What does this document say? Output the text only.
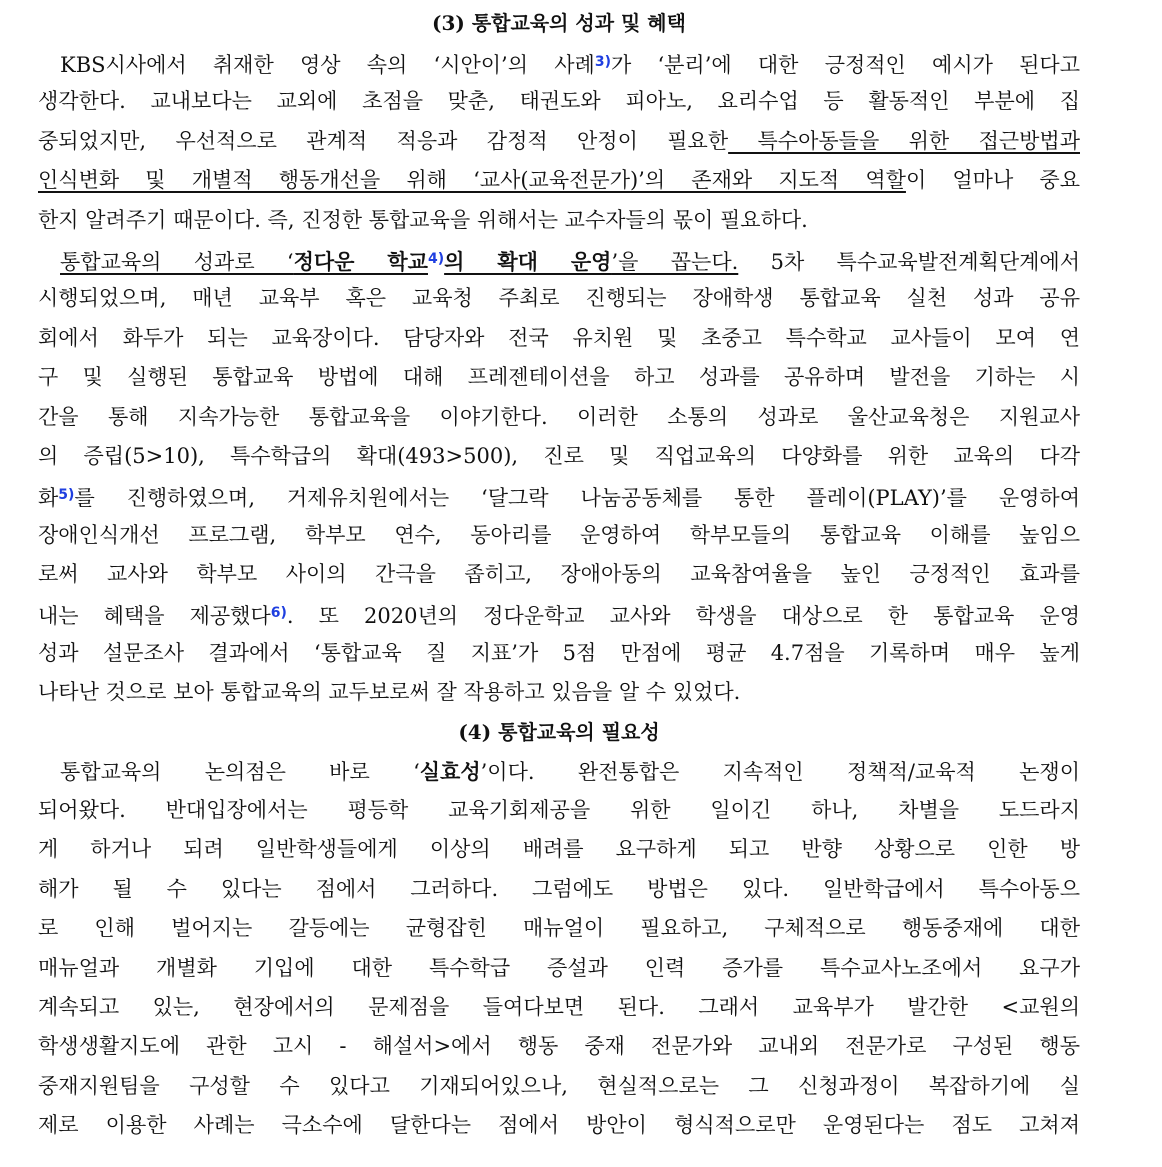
(3) 통합교육의 성과 및 혜택
KBS시사에서 취재한 영상 속의 ‘시안이’의 사례$^{3)}$가 ‘분리’에 대한 긍정적인 예시가 된다고
생각한다. 교내보다는 교외에 초점을 맞춘, 태권도와 피아노, 요리수업 등 활동적인 부분에 집
중되었지만, 우선적으로 관계적 적응과 감정적 안정이 필요한 특수아동들을 위한 접근방법과
인식변화 및 개별적 행동개선을 위해 ‘교사(교육전문가)’의 존재와 지도적 역할이 얼마나 중요
한지 알려주기 때문이다. 즉, 진정한 통합교육을 위해서는 교수자들의 몫이 필요하다.
통합교육의 성과로 ‘정다운 학교$^{4)}$의 확대 운영’을 꼽는다. 5차 특수교육발전계획단계에서
시행되었으며, 매년 교육부 혹은 교육청 주최로 진행되는 장애학생 통합교육 실천 성과 공유
회에서 화두가 되는 교육장이다. 담당자와 전국 유치원 및 초중고 특수학교 교사들이 모여 연
구 및 실행된 통합교육 방법에 대해 프레젠테이션을 하고 성과를 공유하며 발전을 기하는 시
간을 통해 지속가능한 통합교육을 이야기한다. 이러한 소통의 성과로 울산교육청은 지원교사
의 증립(5>10), 특수학급의 확대(493>500), 진로 및 직업교육의 다양화를 위한 교육의 다각
화$^{5)}$를 진행하였으며, 거제유치원에서는 ‘달그락 나눔공동체를 통한 플레이(PLAY)’를 운영하여
장애인식개선 프로그램, 학부모 연수, 동아리를 운영하여 학부모들의 통합교육 이해를 높임으
로써 교사와 학부모 사이의 간극을 좁히고, 장애아동의 교육참여율을 높인 긍정적인 효과를
내는 혜택을 제공했다$^{6)}$. 또 2020년의 정다운학교 교사와 학생을 대상으로 한 통합교육 운영
성과 설문조사 결과에서 ‘통합교육 질 지표’가 5점 만점에 평균 4.7점을 기록하며 매우 높게
나타난 것으로 보아 통합교육의 교두보로써 잘 작용하고 있음을 알 수 있었다.
(4) 통합교육의 필요성
통합교육의 논의점은 바로 ‘실효성’이다. 완전통합은 지속적인 정책적/교육적 논쟁이
되어왔다. 반대입장에서는 평등학 교육기회제공을 위한 일이긴 하나, 차별을 도드라지
게 하거나 되려 일반학생들에게 이상의 배려를 요구하게 되고 반향 상황으로 인한 방
해가 될 수 있다는 점에서 그러하다. 그럼에도 방법은 있다. 일반학급에서 특수아동으
로 인해 벌어지는 갈등에는 균형잡힌 매뉴얼이 필요하고, 구체적으로 행동중재에 대한
매뉴얼과 개별화 기입에 대한 특수학급 증설과 인력 증가를 특수교사노조에서 요구가
계속되고 있는, 현장에서의 문제점을 들여다보면 된다. 그래서 교육부가 발간한 <교원의
학생생활지도에 관한 고시 - 해설서>에서 행동 중재 전문가와 교내외 전문가로 구성된 행동
중재지원팀을 구성할 수 있다고 기재되어있으나, 현실적으로는 그 신청과정이 복잡하기에 실
제로 이용한 사례는 극소수에 달한다는 점에서 방안이 형식적으로만 운영된다는 점도 고쳐져
